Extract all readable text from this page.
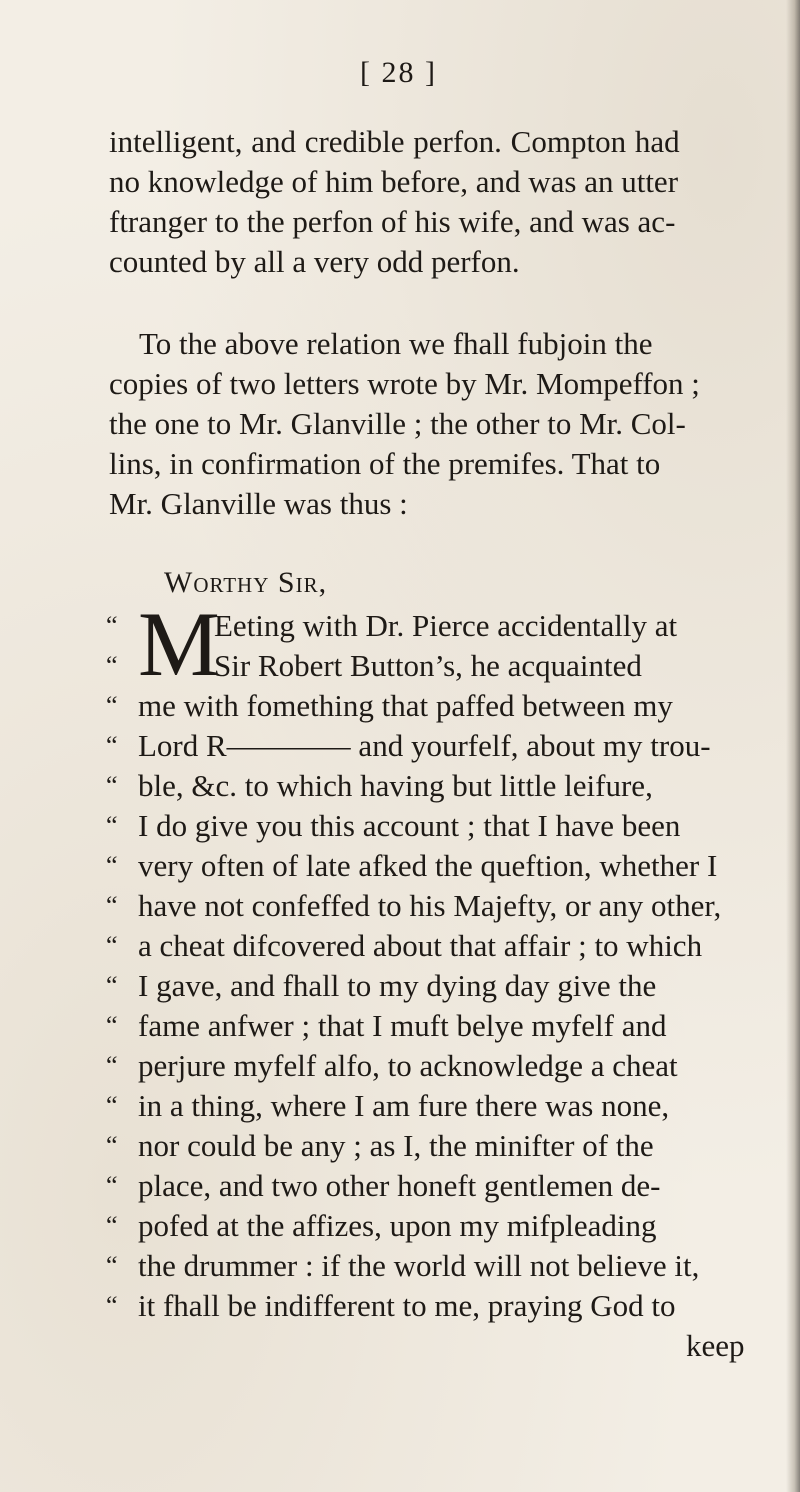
[ 28 ]
intelligent, and credible perfon. Compton had
no knowledge of him before, and was an utter
ftranger to the perfon of his wife, and was ac-
counted by all a very odd perfon.
To the above relation we fhall fubjoin the
copies of two letters wrote by Mr. Mompeffon ;
the one to Mr. Glanville ; the other to Mr. Col-
lins, in confirmation of the premifes. That to
Mr. Glanville was thus :
Worthy Sir,
M
“	Eeting with Dr. Pierce accidentally at
“	Sir Robert Button’s, he acquainted
“ me with fomething that paffed between my
“ Lord R———— and yourfelf, about my trou-
“ ble, &c. to which having but little leifure,
“ I do give you this account ; that I have been
“ very often of late afked the queftion, whether I
“ have not confeffed to his Majefty, or any other,
“ a cheat difcovered about that affair ; to which
“ I gave, and fhall to my dying day give the
“ fame anfwer ; that I muft belye myfelf and
“ perjure myfelf alfo, to acknowledge a cheat
“ in a thing, where I am fure there was none,
“ nor could be any ; as I, the minifter of the
“ place, and two other honeft gentlemen de-
“ pofed at the affizes, upon my mifpleading
“ the drummer : if the world will not believe it,
“ it fhall be indifferent to me, praying God to
keep
